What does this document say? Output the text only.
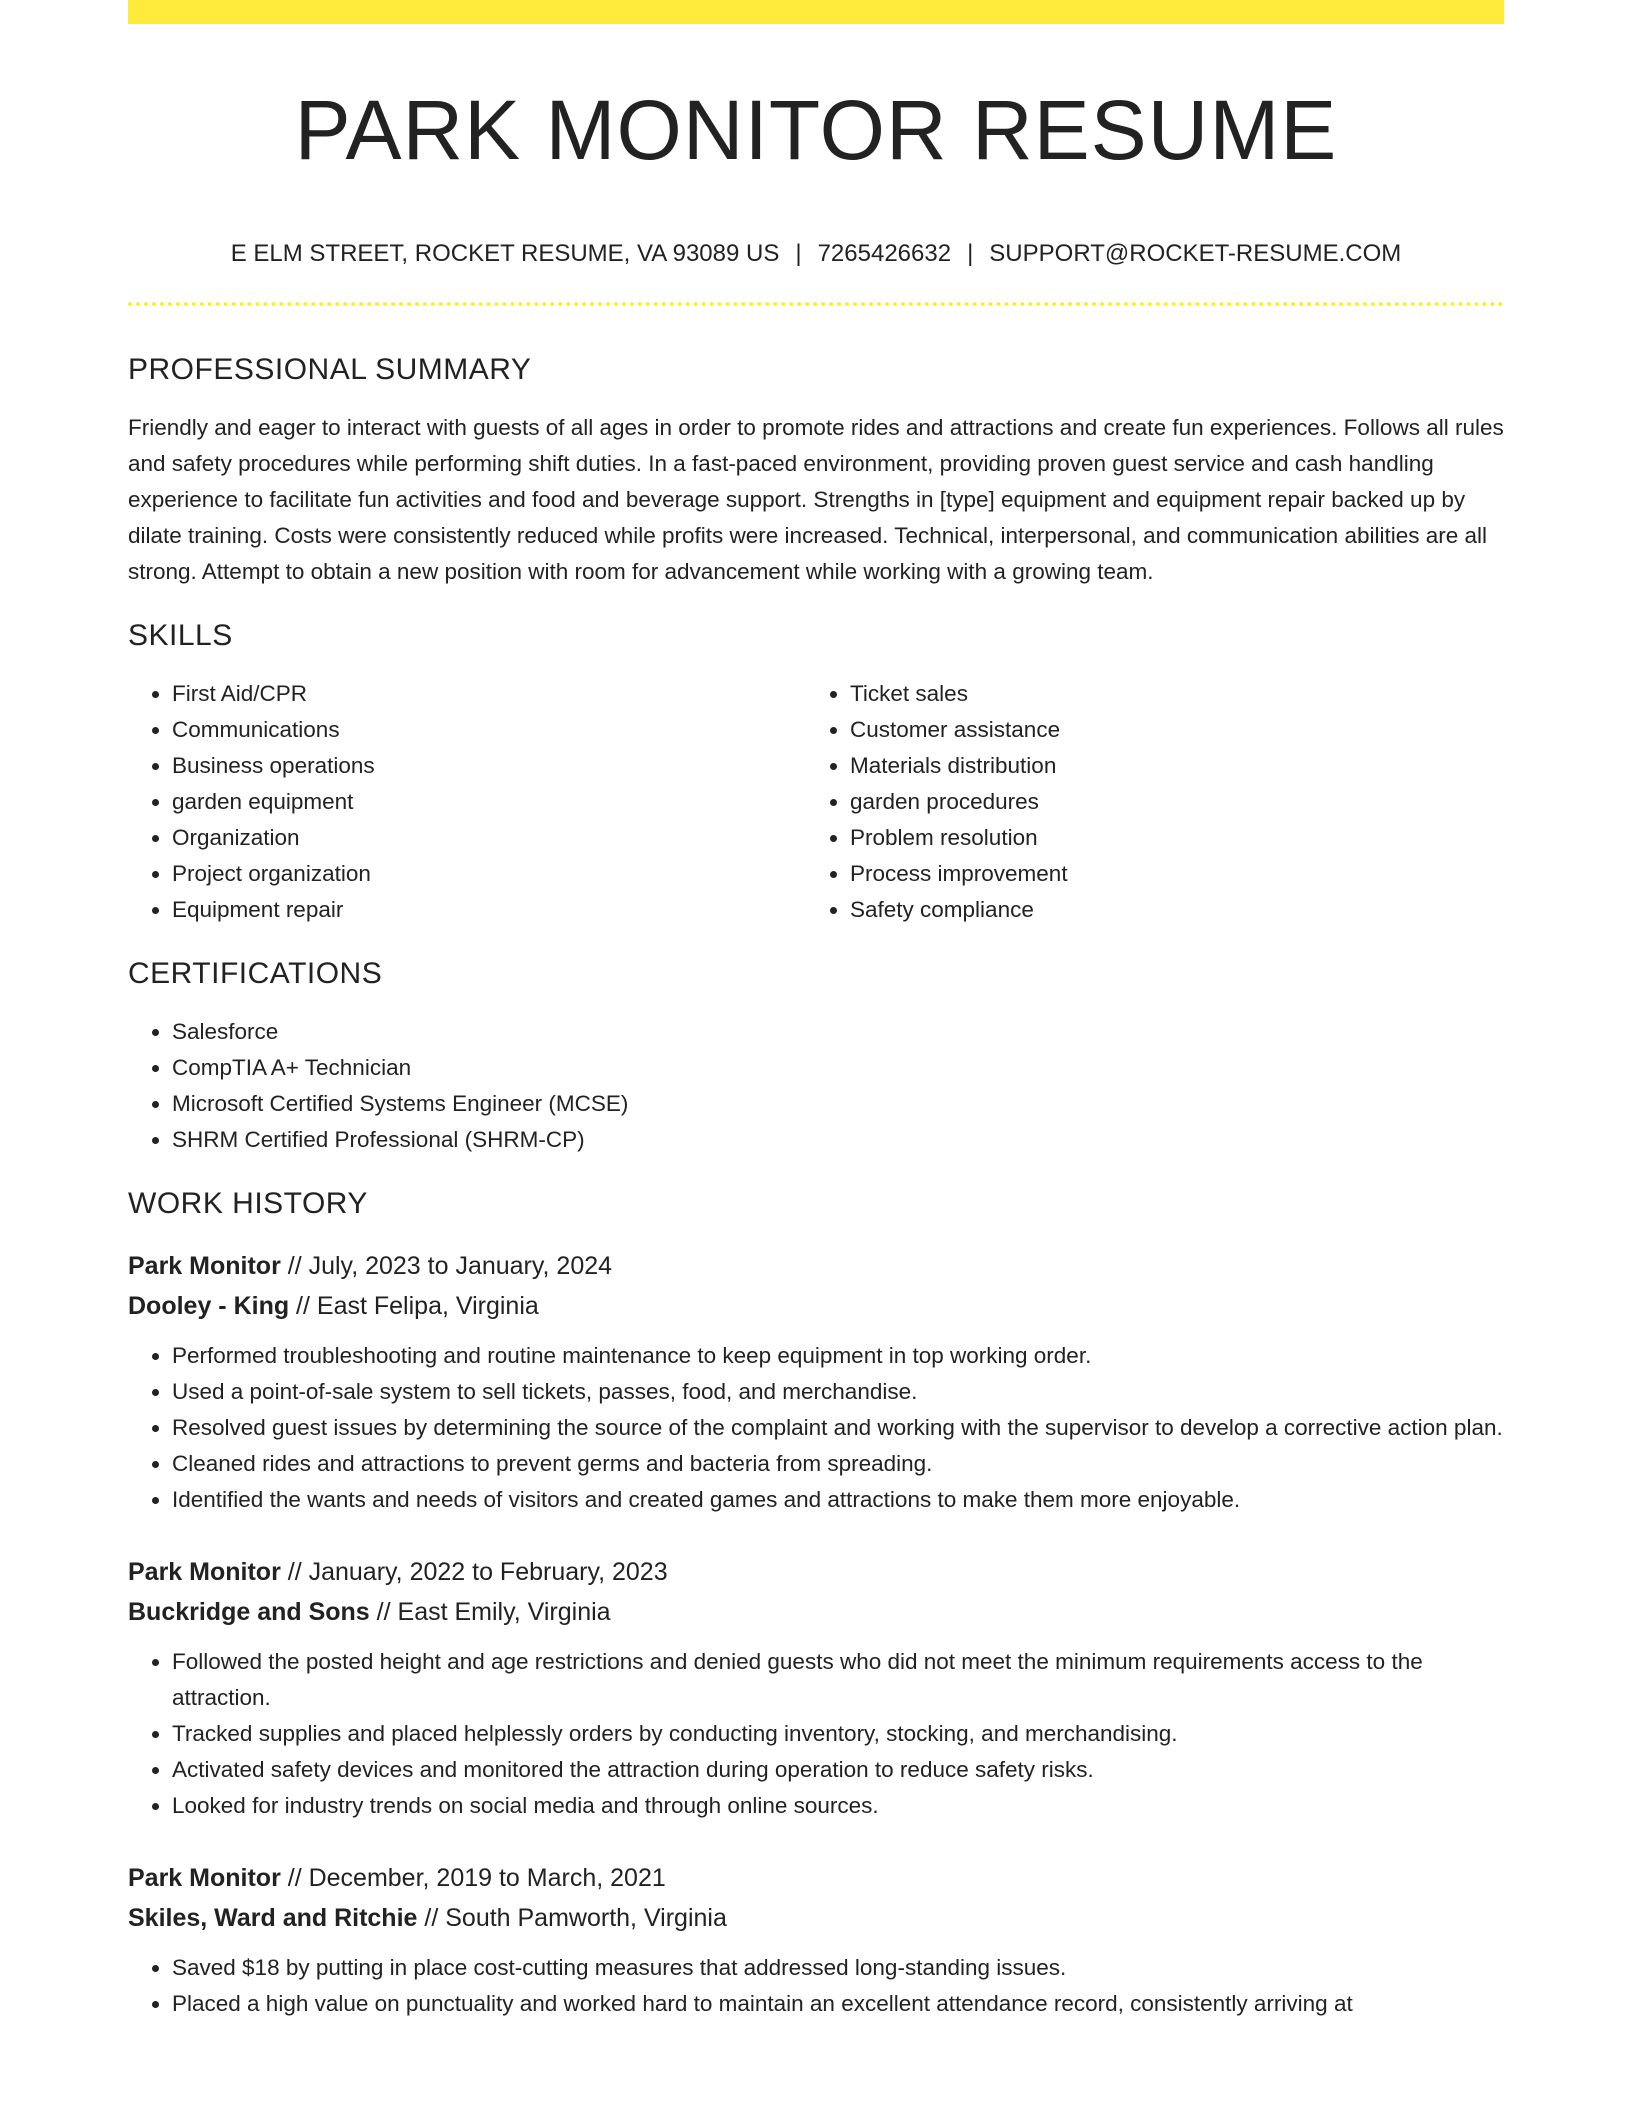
PARK MONITOR RESUME
E ELM STREET, ROCKET RESUME, VA 93089 US | 7265426632 | SUPPORT@ROCKET-RESUME.COM
PROFESSIONAL SUMMARY
Friendly and eager to interact with guests of all ages in order to promote rides and attractions and create fun experiences. Follows all rules and safety procedures while performing shift duties. In a fast-paced environment, providing proven guest service and cash handling experience to facilitate fun activities and food and beverage support. Strengths in [type] equipment and equipment repair backed up by dilate training. Costs were consistently reduced while profits were increased. Technical, interpersonal, and communication abilities are all strong. Attempt to obtain a new position with room for advancement while working with a growing team.
SKILLS
• First Aid/CPR
• Communications
• Business operations
• garden equipment
• Organization
• Project organization
• Equipment repair
• Ticket sales
• Customer assistance
• Materials distribution
• garden procedures
• Problem resolution
• Process improvement
• Safety compliance
CERTIFICATIONS
• Salesforce
• CompTIA A+ Technician
• Microsoft Certified Systems Engineer (MCSE)
• SHRM Certified Professional (SHRM-CP)
WORK HISTORY
Park Monitor // July, 2023 to January, 2024
Dooley - King // East Felipa, Virginia
• Performed troubleshooting and routine maintenance to keep equipment in top working order.
• Used a point-of-sale system to sell tickets, passes, food, and merchandise.
• Resolved guest issues by determining the source of the complaint and working with the supervisor to develop a corrective action plan.
• Cleaned rides and attractions to prevent germs and bacteria from spreading.
• Identified the wants and needs of visitors and created games and attractions to make them more enjoyable.
Park Monitor // January, 2022 to February, 2023
Buckridge and Sons // East Emily, Virginia
• Followed the posted height and age restrictions and denied guests who did not meet the minimum requirements access to the attraction.
• Tracked supplies and placed helplessly orders by conducting inventory, stocking, and merchandising.
• Activated safety devices and monitored the attraction during operation to reduce safety risks.
• Looked for industry trends on social media and through online sources.
Park Monitor // December, 2019 to March, 2021
Skiles, Ward and Ritchie // South Pamworth, Virginia
• Saved $18 by putting in place cost-cutting measures that addressed long-standing issues.
• Placed a high value on punctuality and worked hard to maintain an excellent attendance record, consistently arriving at
